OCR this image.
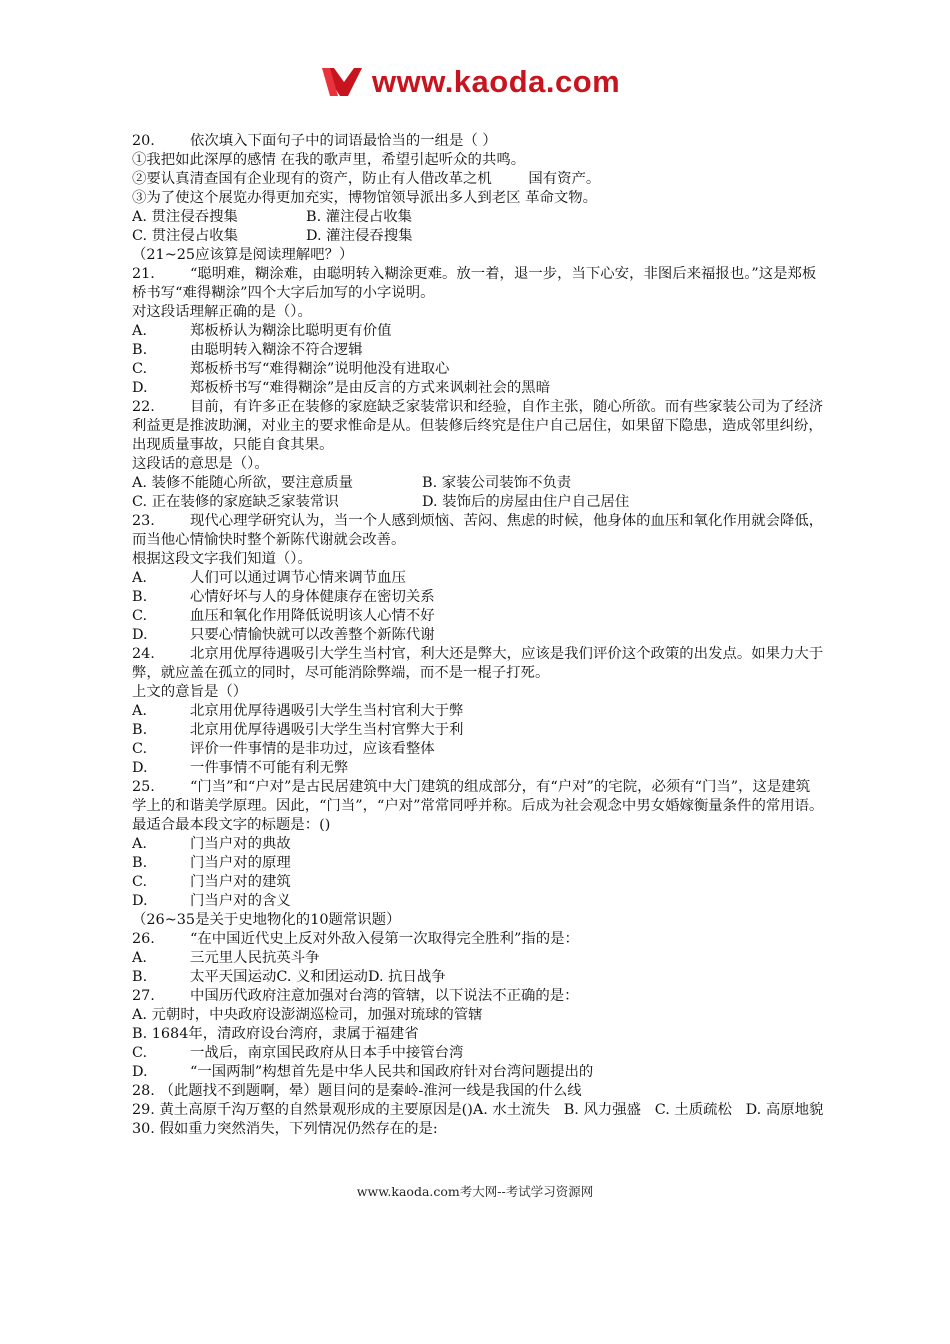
www.kaoda.com
20. 依次填入下面句子中的词语最恰当的一组是（ ）
①我把如此深厚的感情 在我的歌声里，希望引起听众的共鸣。
②要认真清查国有企业现有的资产，防止有人借改革之机        国有资产。
③为了使这个展览办得更加充实，博物馆领导派出多人到老区 革命文物。
A. 贯注侵吞搜集	B. 灌注侵占收集
C. 贯注侵占收集	D. 灌注侵吞搜集
（21~25应该算是阅读理解吧？）
21. “聪明难，糊涂难，由聪明转入糊涂更难。放一着，退一步，当下心安，非图后来福报也。”这是郑板桥书写“难得糊涂”四个大字后加写的小字说明。
对这段话理解正确的是（）。
A.	郑板桥认为糊涂比聪明更有价值
B.	由聪明转入糊涂不符合逻辑
C.	郑板桥书写“难得糊涂”说明他没有进取心
D.	郑板桥书写“难得糊涂”是由反言的方式来讽刺社会的黑暗
22. 目前，有许多正在装修的家庭缺乏家装常识和经验，自作主张，随心所欲。而有些家装公司为了经济利益更是推波助澜，对业主的要求惟命是从。但装修后终究是住户自己居住，如果留下隐患，造成邻里纠纷，出现质量事故，只能自食其果。
这段话的意思是（）。
A. 装修不能随心所欲，要注意质量	B. 家装公司装饰不负责
C. 正在装修的家庭缺乏家装常识	D. 装饰后的房屋由住户自己居住
23. 现代心理学研究认为，当一个人感到烦恼、苦闷、焦虑的时候，他身体的血压和氧化作用就会降低，而当他心情愉快时整个新陈代谢就会改善。
根据这段文字我们知道（）。
A.	人们可以通过调节心情来调节血压
B.	心情好坏与人的身体健康存在密切关系
C.	血压和氧化作用降低说明该人心情不好
D.	只要心情愉快就可以改善整个新陈代谢
24. 北京用优厚待遇吸引大学生当村官，利大还是弊大，应该是我们评价这个政策的出发点。如果力大于弊，就应盖在孤立的同时，尽可能消除弊端，而不是一棍子打死。
上文的意旨是（）
A.	北京用优厚待遇吸引大学生当村官利大于弊
B.	北京用优厚待遇吸引大学生当村官弊大于利
C.	评价一件事情的是非功过，应该看整体
D.	一件事情不可能有利无弊
25. “门当”和“户对”是古民居建筑中大门建筑的组成部分，有“户对”的宅院，必须有“门当”，这是建筑学上的和谐美学原理。因此，“门当”，“户对”常常同呼并称。后成为社会观念中男女婚嫁衡量条件的常用语。最适合最本段文字的标题是：()
A.	门当户对的典故
B.	门当户对的原理
C.	门当户对的建筑
D.	门当户对的含义
（26~35是关于史地物化的10题常识题）
26. “在中国近代史上反对外敌入侵第一次取得完全胜利”指的是：
A.	三元里人民抗英斗争
B.	太平天国运动C. 义和团运动D. 抗日战争
27. 中国历代政府注意加强对台湾的管辖，以下说法不正确的是：
A. 元朝时，中央政府设澎湖巡检司，加强对琉球的管辖
B. 1684年，清政府设台湾府，隶属于福建省
C.	一战后，南京国民政府从日本手中接管台湾
D.	“一国两制”构想首先是中华人民共和国政府针对台湾问题提出的
28. （此题找不到题啊，晕）题目问的是秦岭-淮河一线是我国的什么线
29. 黄土高原千沟万壑的自然景观形成的主要原因是()A. 水土流失   B. 风力强盛   C. 土质疏松   D. 高原地貌
30. 假如重力突然消失，下列情况仍然存在的是:
www.kaoda.com考大网--考试学习资源网
